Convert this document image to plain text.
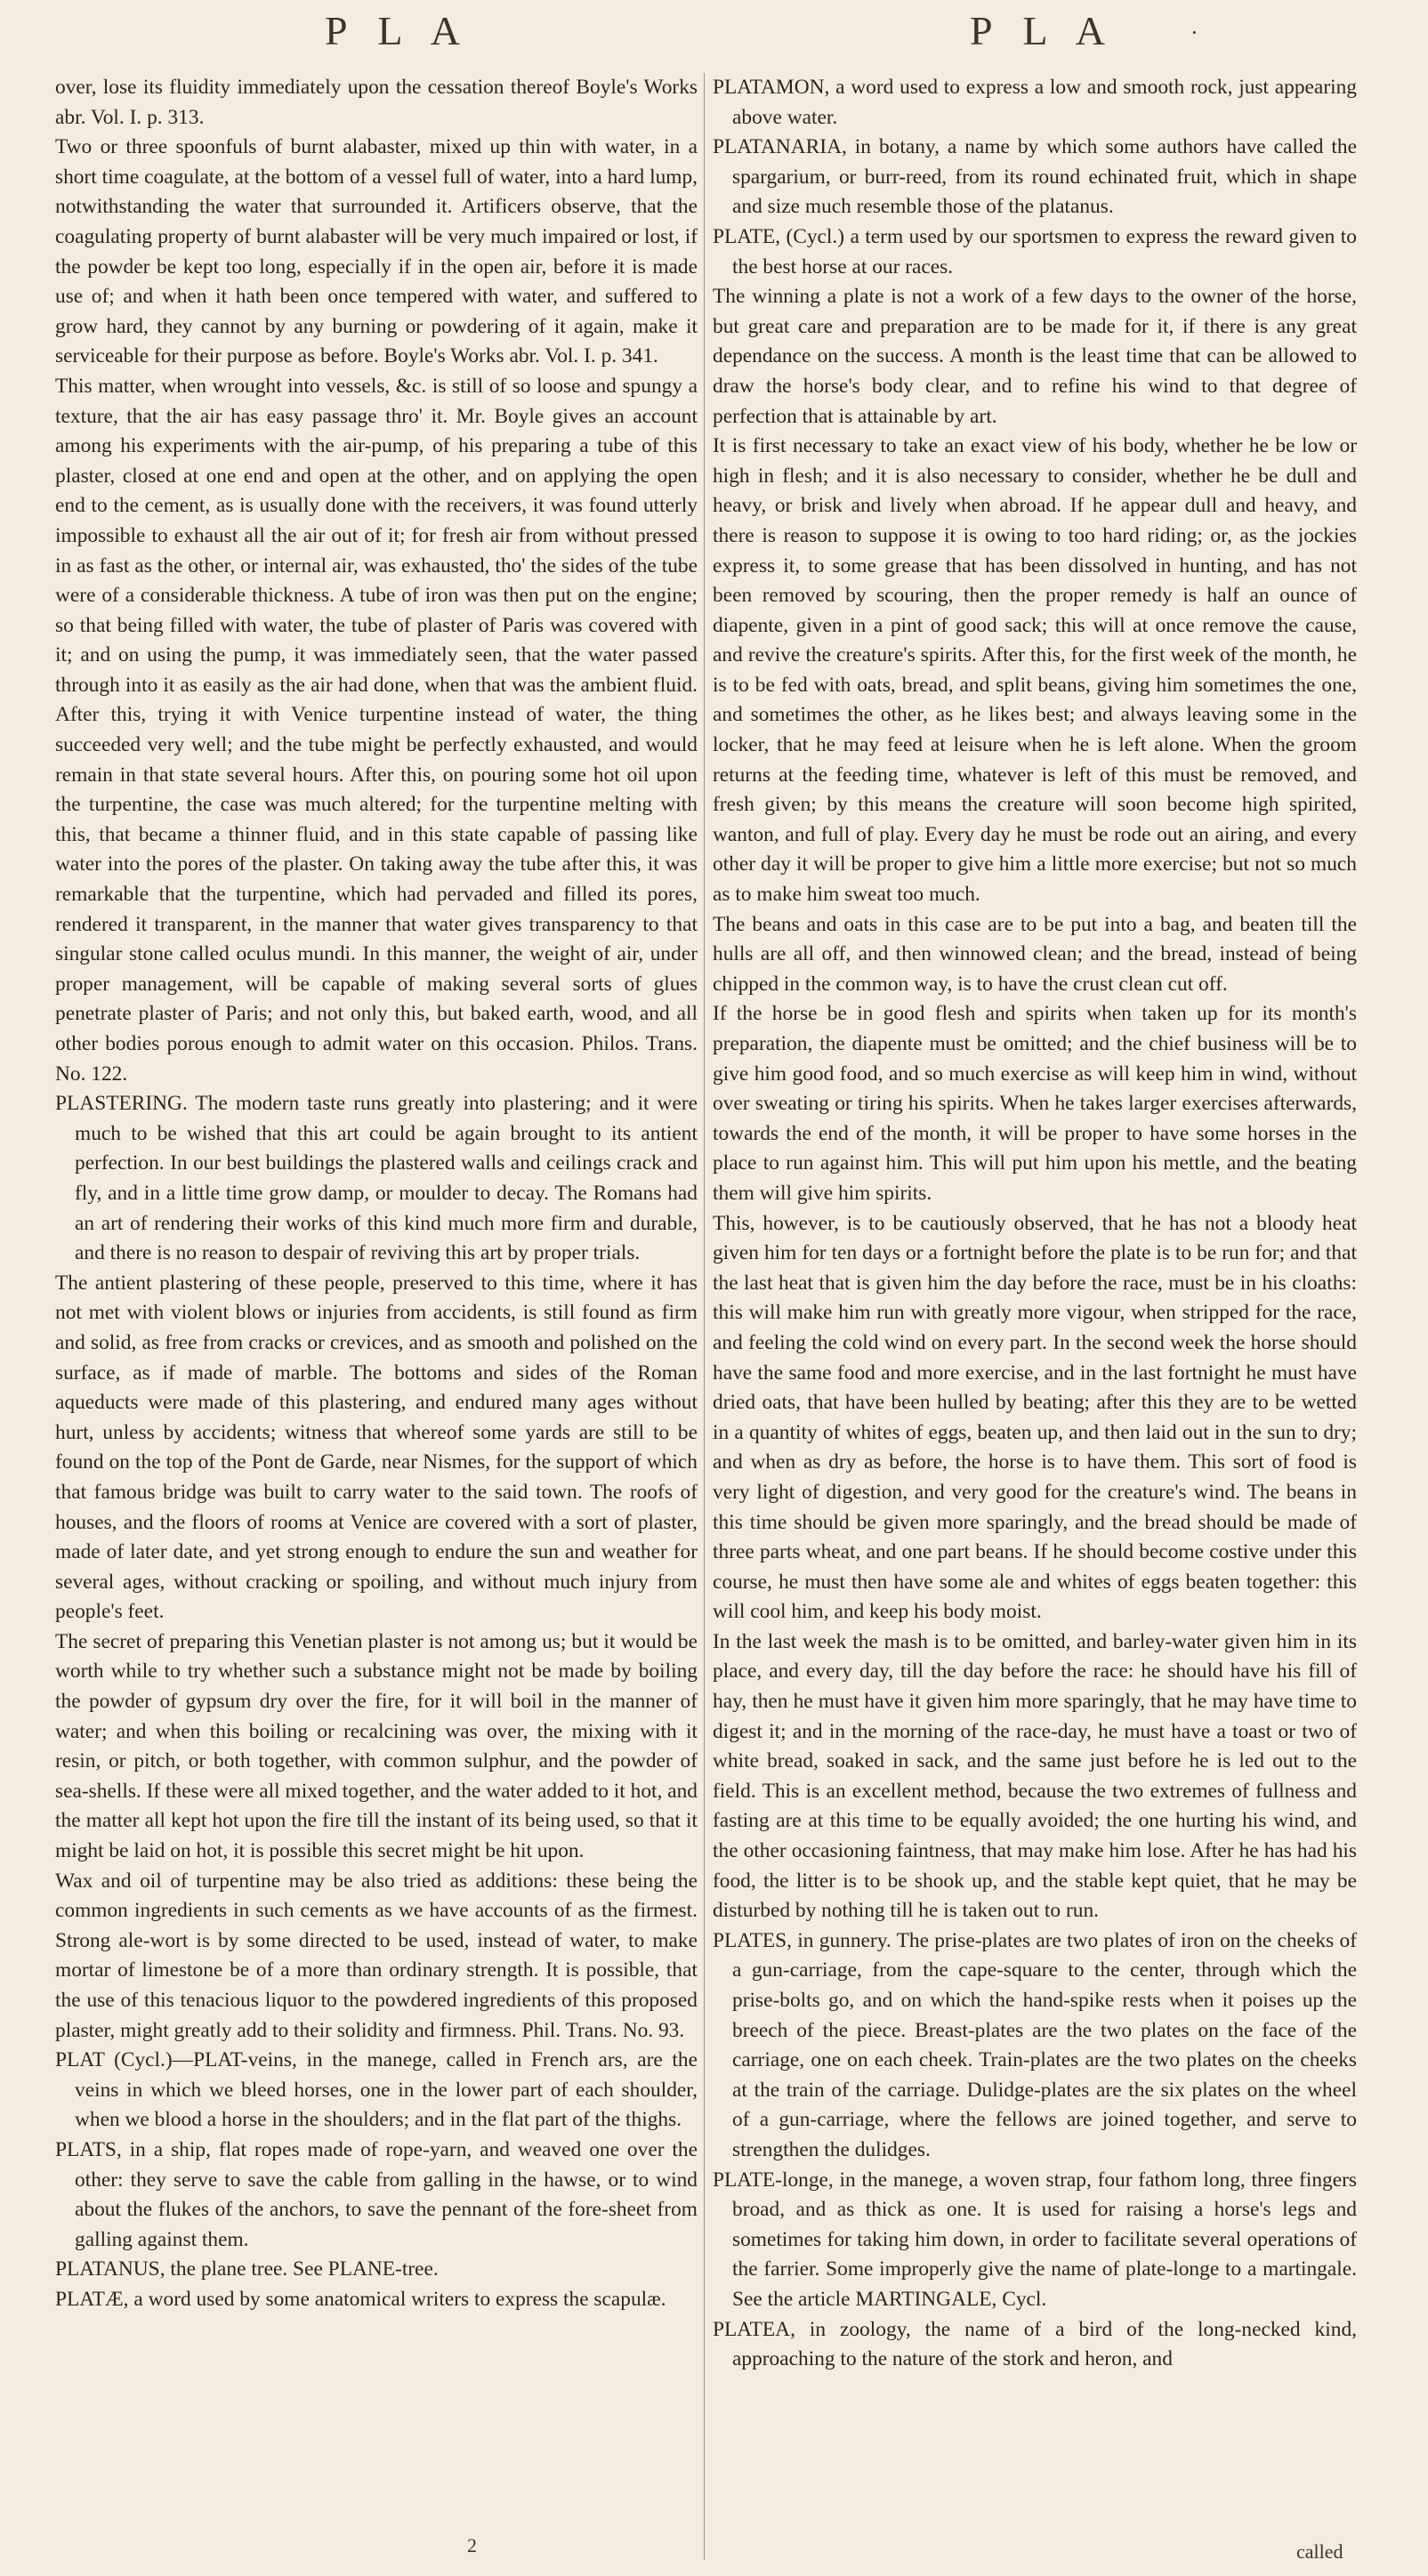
P L A	P L A	·

over, lose its fluidity immediately upon the cessation thereof Boyle's Works abr. Vol. I. p. 313.

Two or three spoonfuls of burnt alabaster, mixed up thin with water, in a short time coagulate, at the bottom of a vessel full of water, into a hard lump, notwithstanding the water that surrounded it. Artificers observe, that the coagulating property of burnt alabaster will be very much impaired or lost, if the powder be kept too long, especially if in the open air, before it is made use of; and when it hath been once tempered with water, and suffered to grow hard, they cannot by any burning or powdering of it again, make it serviceable for their purpose as before. Boyle's Works abr. Vol. I. p. 341.

This matter, when wrought into vessels, &c. is still of so loose and spungy a texture, that the air has easy passage thro' it. Mr. Boyle gives an account among his experiments with the air-pump, of his preparing a tube of this plaster, closed at one end and open at the other, and on applying the open end to the cement, as is usually done with the receivers, it was found utterly impossible to exhaust all the air out of it; for fresh air from without pressed in as fast as the other, or internal air, was exhausted, tho' the sides of the tube were of a considerable thickness. A tube of iron was then put on the engine; so that being filled with water, the tube of plaster of Paris was covered with it; and on using the pump, it was immediately seen, that the water passed through into it as easily as the air had done, when that was the ambient fluid. After this, trying it with Venice turpentine instead of water, the thing succeeded very well; and the tube might be perfectly exhausted, and would remain in that state several hours. After this, on pouring some hot oil upon the turpentine, the case was much altered; for the turpentine melting with this, that became a thinner fluid, and in this state capable of passing like water into the pores of the plaster. On taking away the tube after this, it was remarkable that the turpentine, which had pervaded and filled its pores, rendered it transparent, in the manner that water gives transparency to that singular stone called oculus mundi. In this manner, the weight of air, under proper management, will be capable of making several sorts of glues penetrate plaster of Paris; and not only this, but baked earth, wood, and all other bodies porous enough to admit water on this occasion. Philos. Trans. No. 122.

PLASTERING. The modern taste runs greatly into plastering; and it were much to be wished that this art could be again brought to its antient perfection. In our best buildings the plastered walls and ceilings crack and fly, and in a little time grow damp, or moulder to decay. The Romans had an art of rendering their works of this kind much more firm and durable, and there is no reason to despair of reviving this art by proper trials.

The antient plastering of these people, preserved to this time, where it has not met with violent blows or injuries from accidents, is still found as firm and solid, as free from cracks or crevices, and as smooth and polished on the surface, as if made of marble. The bottoms and sides of the Roman aqueducts were made of this plastering, and endured many ages without hurt, unless by accidents; witness that whereof some yards are still to be found on the top of the Pont de Garde, near Nismes, for the support of which that famous bridge was built to carry water to the said town. The roofs of houses, and the floors of rooms at Venice are covered with a sort of plaster, made of later date, and yet strong enough to endure the sun and weather for several ages, without cracking or spoiling, and without much injury from people's feet.

The secret of preparing this Venetian plaster is not among us; but it would be worth while to try whether such a substance might not be made by boiling the powder of gypsum dry over the fire, for it will boil in the manner of water; and when this boiling or recalcining was over, the mixing with it resin, or pitch, or both together, with common sulphur, and the powder of sea-shells. If these were all mixed together, and the water added to it hot, and the matter all kept hot upon the fire till the instant of its being used, so that it might be laid on hot, it is possible this secret might be hit upon.

Wax and oil of turpentine may be also tried as additions: these being the common ingredients in such cements as we have accounts of as the firmest. Strong ale-wort is by some directed to be used, instead of water, to make mortar of limestone be of a more than ordinary strength. It is possible, that the use of this tenacious liquor to the powdered ingredients of this proposed plaster, might greatly add to their solidity and firmness. Phil. Trans. No. 93.

PLAT (Cycl.)—PLAT-veins, in the manege, called in French ars, are the veins in which we bleed horses, one in the lower part of each shoulder, when we blood a horse in the shoulders; and in the flat part of the thighs.

PLATS, in a ship, flat ropes made of rope-yarn, and weaved one over the other: they serve to save the cable from galling in the hawse, or to wind about the flukes of the anchors, to save the pennant of the fore-sheet from galling against them.

PLATANUS, the plane tree. See PLANE-tree.

PLATÆ, a word used by some anatomical writers to express the scapulæ.

PLATAMON, a word used to express a low and smooth rock, just appearing above water.

PLATANARIA, in botany, a name by which some authors have called the spargarium, or burr-reed, from its round echinated fruit, which in shape and size much resemble those of the platanus.

PLATE, (Cycl.) a term used by our sportsmen to express the reward given to the best horse at our races.

The winning a plate is not a work of a few days to the owner of the horse, but great care and preparation are to be made for it, if there is any great dependance on the success. A month is the least time that can be allowed to draw the horse's body clear, and to refine his wind to that degree of perfection that is attainable by art.

It is first necessary to take an exact view of his body, whether he be low or high in flesh; and it is also necessary to consider, whether he be dull and heavy, or brisk and lively when abroad. If he appear dull and heavy, and there is reason to suppose it is owing to too hard riding; or, as the jockies express it, to some grease that has been dissolved in hunting, and has not been removed by scouring, then the proper remedy is half an ounce of diapente, given in a pint of good sack; this will at once remove the cause, and revive the creature's spirits. After this, for the first week of the month, he is to be fed with oats, bread, and split beans, giving him sometimes the one, and sometimes the other, as he likes best; and always leaving some in the locker, that he may feed at leisure when he is left alone. When the groom returns at the feeding time, whatever is left of this must be removed, and fresh given; by this means the creature will soon become high spirited, wanton, and full of play. Every day he must be rode out an airing, and every other day it will be proper to give him a little more exercise; but not so much as to make him sweat too much.

The beans and oats in this case are to be put into a bag, and beaten till the hulls are all off, and then winnowed clean; and the bread, instead of being chipped in the common way, is to have the crust clean cut off.

If the horse be in good flesh and spirits when taken up for its month's preparation, the diapente must be omitted; and the chief business will be to give him good food, and so much exercise as will keep him in wind, without over sweating or tiring his spirits. When he takes larger exercises afterwards, towards the end of the month, it will be proper to have some horses in the place to run against him. This will put him upon his mettle, and the beating them will give him spirits.

This, however, is to be cautiously observed, that he has not a bloody heat given him for ten days or a fortnight before the plate is to be run for; and that the last heat that is given him the day before the race, must be in his cloaths: this will make him run with greatly more vigour, when stripped for the race, and feeling the cold wind on every part. In the second week the horse should have the same food and more exercise, and in the last fortnight he must have dried oats, that have been hulled by beating; after this they are to be wetted in a quantity of whites of eggs, beaten up, and then laid out in the sun to dry; and when as dry as before, the horse is to have them. This sort of food is very light of digestion, and very good for the creature's wind. The beans in this time should be given more sparingly, and the bread should be made of three parts wheat, and one part beans. If he should become costive under this course, he must then have some ale and whites of eggs beaten together: this will cool him, and keep his body moist.

In the last week the mash is to be omitted, and barley-water given him in its place, and every day, till the day before the race: he should have his fill of hay, then he must have it given him more sparingly, that he may have time to digest it; and in the morning of the race-day, he must have a toast or two of white bread, soaked in sack, and the same just before he is led out to the field. This is an excellent method, because the two extremes of fullness and fasting are at this time to be equally avoided; the one hurting his wind, and the other occasioning faintness, that may make him lose. After he has had his food, the litter is to be shook up, and the stable kept quiet, that he may be disturbed by nothing till he is taken out to run.

PLATES, in gunnery. The prise-plates are two plates of iron on the cheeks of a gun-carriage, from the cape-square to the center, through which the prise-bolts go, and on which the hand-spike rests when it poises up the breech of the piece. Breast-plates are the two plates on the face of the carriage, one on each cheek. Train-plates are the two plates on the cheeks at the train of the carriage. Dulidge-plates are the six plates on the wheel of a gun-carriage, where the fellows are joined together, and serve to strengthen the dulidges.

PLATE-longe, in the manege, a woven strap, four fathom long, three fingers broad, and as thick as one. It is used for raising a horse's legs and sometimes for taking him down, in order to facilitate several operations of the farrier. Some improperly give the name of plate-longe to a martingale. See the article MARTINGALE, Cycl.

PLATEA, in zoology, the name of a bird of the long-necked kind, approaching to the nature of the stork and heron, and

2	called
